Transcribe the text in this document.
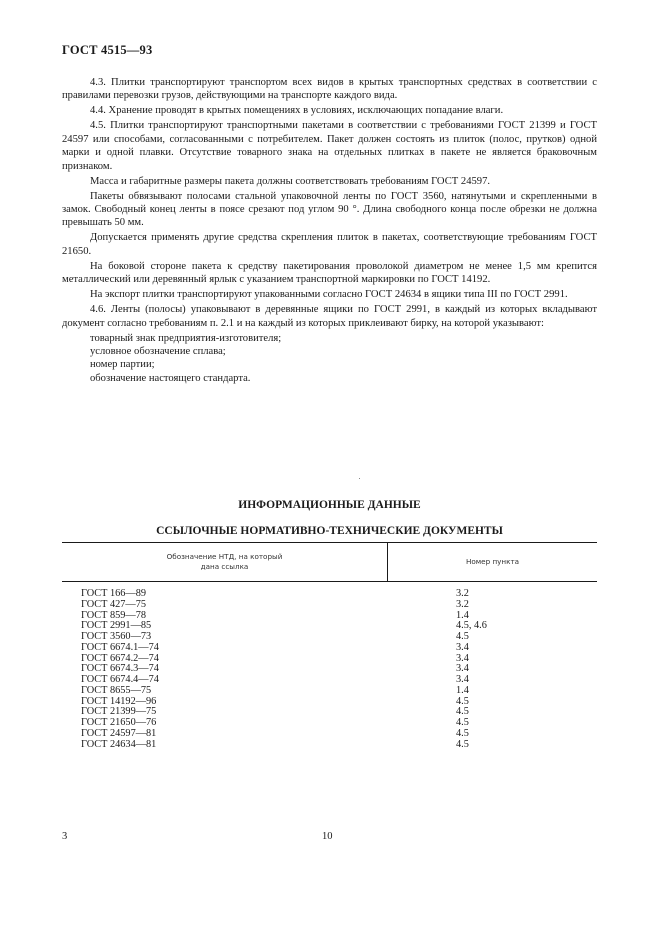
ГОСТ 4515—93

4.3. Плитки транспортируют транспортом всех видов в крытых транспортных средствах в соответствии с правилами перевозки грузов, действующими на транспорте каждого вида.

4.4. Хранение проводят в крытых помещениях в условиях, исключающих попадание влаги.

4.5. Плитки транспортируют транспортными пакетами в соответствии с требованиями ГОСТ 21399 и ГОСТ 24597 или способами, согласованными с потребителем. Пакет должен состоять из плиток (полос, прутков) одной марки и одной плавки. Отсутствие товарного знака на отдельных плитках в пакете не является браковочным признаком.

Масса и габаритные размеры пакета должны соответствовать требованиям ГОСТ 24597.

Пакеты обвязывают полосами стальной упаковочной ленты по ГОСТ 3560, натянутыми и скрепленными в замок. Свободный конец ленты в поясе срезают под углом 90 °. Длина свободного конца после обрезки не должна превышать 50 мм.

Допускается применять другие средства скрепления плиток в пакетах, соответствующие требованиям ГОСТ 21650.

На боковой стороне пакета к средству пакетирования проволокой диаметром не менее 1,5 мм крепится металлический или деревянный ярлык с указанием транспортной маркировки по ГОСТ 14192.

На экспорт плитки транспортируют упакованными согласно ГОСТ 24634 в ящики типа III по ГОСТ 2991.

4.6. Ленты (полосы) упаковывают в деревянные ящики по ГОСТ 2991, в каждый из которых вкладывают документ согласно требованиям п. 2.1 и на каждый из которых приклеивают бирку, на которой указывают:

товарный знак предприятия-изготовителя;

условное обозначение сплава;

номер партии;

обозначение настоящего стандарта.

ИНФОРМАЦИОННЫЕ ДАННЫЕ
ССЫЛОЧНЫЕ НОРМАТИВНО-ТЕХНИЧЕСКИЕ ДОКУМЕНТЫ
Обозначение НТД, на который
дана ссылка
Номер пункта
ГОСТ 166—89	3.2
ГОСТ 427—75	3.2
ГОСТ 859—78	1.4
ГОСТ 2991—85	4.5, 4.6
ГОСТ 3560—73	4.5
ГОСТ 6674.1—74	3.4
ГОСТ 6674.2—74	3.4
ГОСТ 6674.3—74	3.4
ГОСТ 6674.4—74	3.4
ГОСТ 8655—75	1.4
ГОСТ 14192—96	4.5
ГОСТ 21399—75	4.5
ГОСТ 21650—76	4.5
ГОСТ 24597—81	4.5
ГОСТ 24634—81	4.5
3	10
